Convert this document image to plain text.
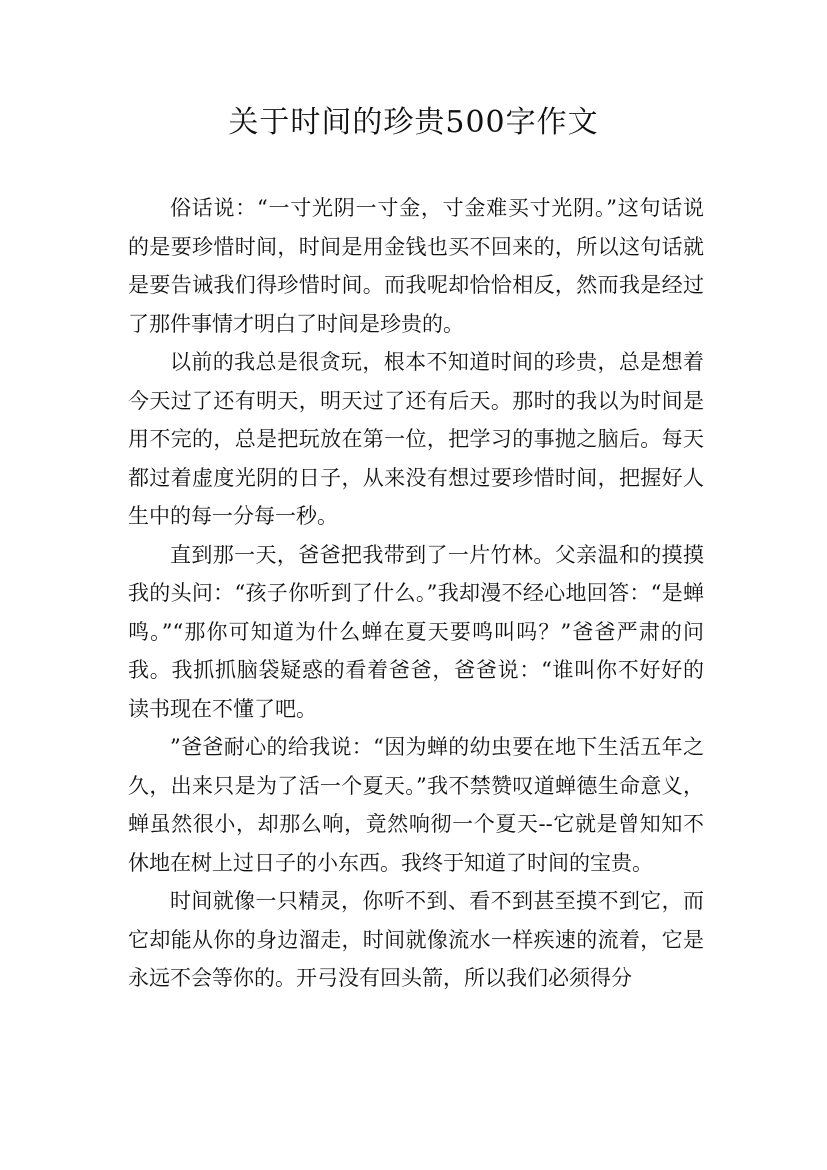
关于时间的珍贵500字作文

俗话说：“一寸光阴一寸金，寸金难买寸光阴。”这句话说的是要珍惜时间，时间是用金钱也买不回来的，所以这句话就是要告诫我们得珍惜时间。而我呢却恰恰相反，然而我是经过了那件事情才明白了时间是珍贵的。

以前的我总是很贪玩，根本不知道时间的珍贵，总是想着今天过了还有明天，明天过了还有后天。那时的我以为时间是用不完的，总是把玩放在第一位，把学习的事抛之脑后。每天都过着虚度光阴的日子，从来没有想过要珍惜时间，把握好人生中的每一分每一秒。

直到那一天，爸爸把我带到了一片竹林。父亲温和的摸摸我的头问：“孩子你听到了什么。”我却漫不经心地回答：“是蝉鸣。”“那你可知道为什么蝉在夏天要鸣叫吗？”爸爸严肃的问我。我抓抓脑袋疑惑的看着爸爸，爸爸说：“谁叫你不好好的读书现在不懂了吧。

”爸爸耐心的给我说：“因为蝉的幼虫要在地下生活五年之久，出来只是为了活一个夏天。”我不禁赞叹道蝉德生命意义，蝉虽然很小，却那么响，竟然响彻一个夏天--它就是曾知知不休地在树上过日子的小东西。我终于知道了时间的宝贵。

时间就像一只精灵，你听不到、看不到甚至摸不到它，而它却能从你的身边溜走，时间就像流水一样疾速的流着，它是永远不会等你的。开弓没有回头箭，所以我们必须得分
